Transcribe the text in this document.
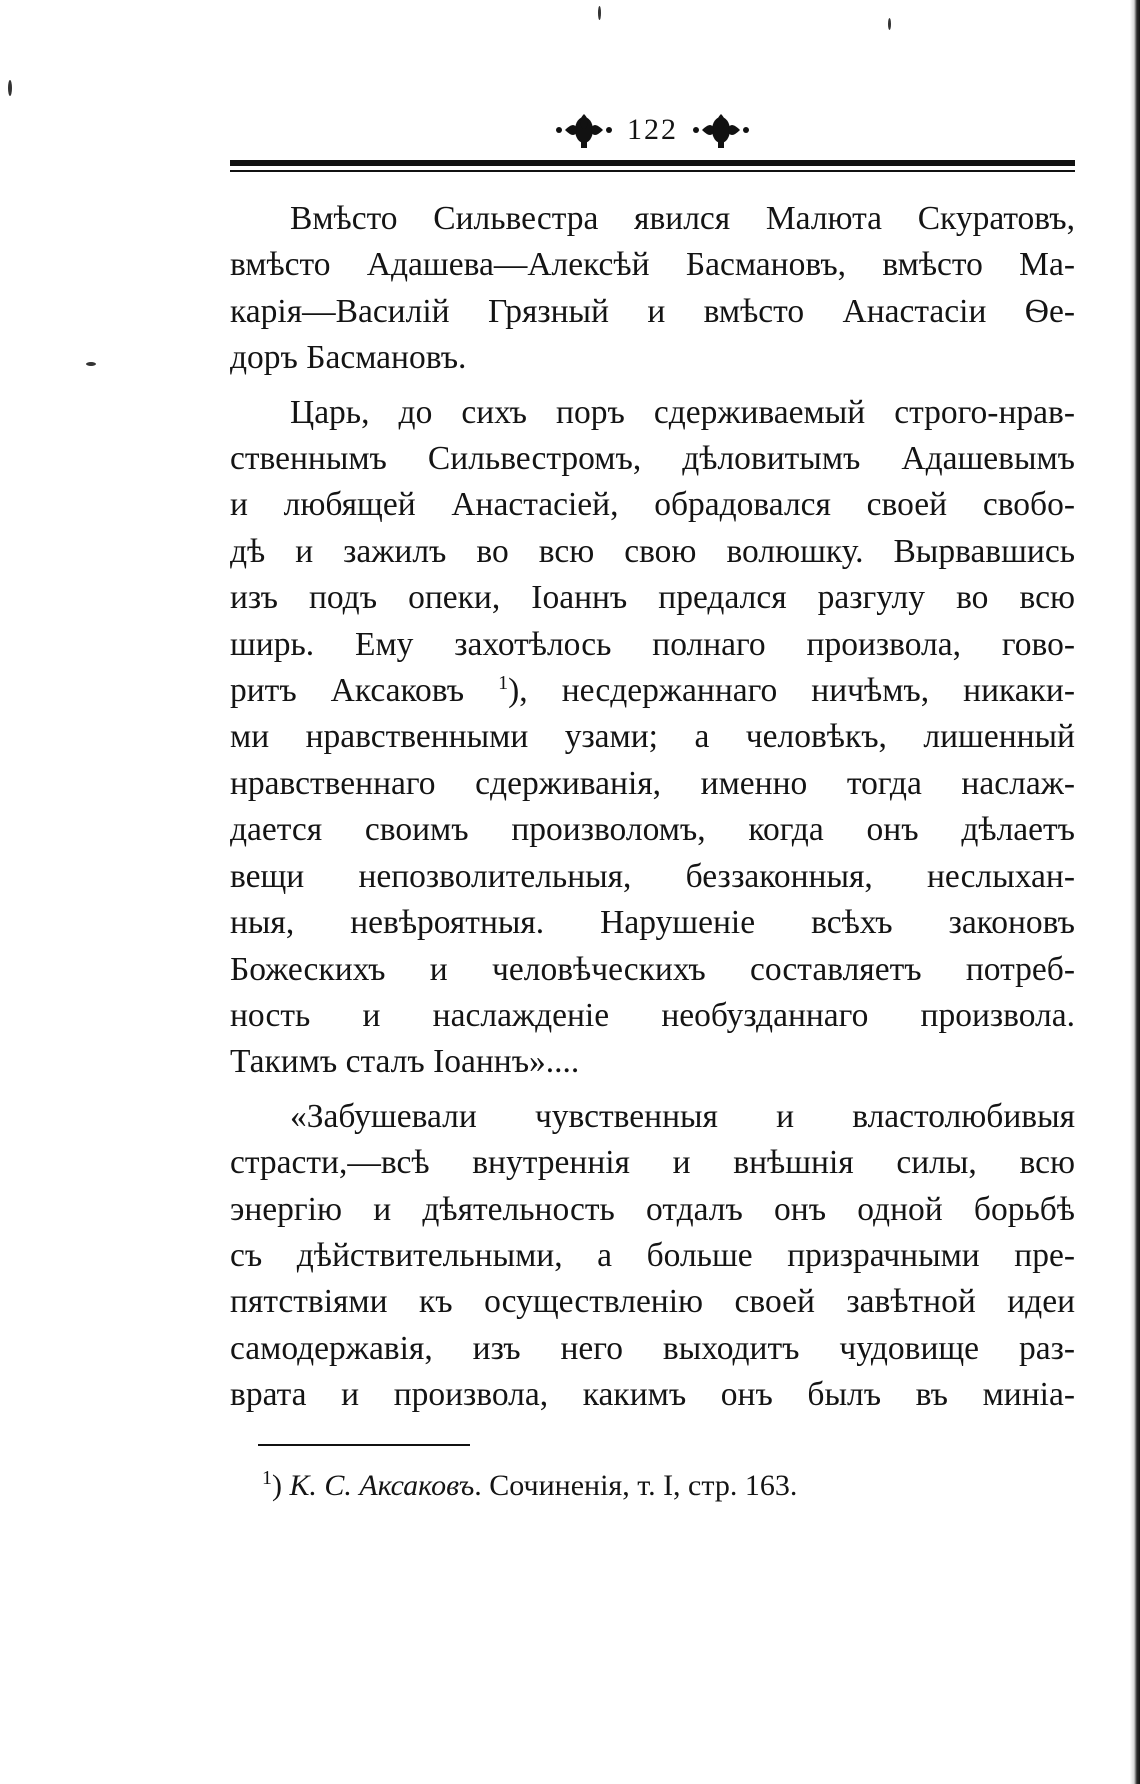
122
Вмѣсто Сильвестра явился Малюта Скуратовъ,
вмѣсто Адашева—Алексѣй Басмановъ, вмѣсто Ма-
карія—Василій Грязный и вмѣсто Анастасіи Ѳе-
доръ Басмановъ.
Царь, до сихъ поръ сдерживаемый строго-нрав-
ственнымъ Сильвестромъ, дѣловитымъ Адашевымъ
и любящей Анастасіей, обрадовался своей свобо-
дѣ и зажилъ во всю свою волюшку. Вырвавшись
изъ подъ опеки, Іоаннъ предался разгулу во всю
ширь. Ему захотѣлось полнаго произвола, гово-
ритъ Аксаковъ $^1$), несдержаннаго ничѣмъ, никаки-
ми нравственными узами; а человѣкъ, лишенный
нравственнаго сдерживанія, именно тогда наслаж-
дается своимъ произволомъ, когда онъ дѣлаетъ
вещи непозволительныя, беззаконныя, неслыхан-
ныя, невѣроятныя. Нарушеніе всѣхъ законовъ
Божескихъ и человѣческихъ составляетъ потреб-
ность и наслажденіе необузданнаго произвола.
Такимъ сталъ Іоаннъ»....
«Забушевали чувственныя и властолюбивыя
страсти,—всѣ внутреннія и внѣшнія силы, всю
энергію и дѣятельность отдалъ онъ одной борьбѣ
съ дѣйствительными, а больше призрачными пре-
пятствіями къ осуществленію своей завѣтной идеи
самодержавія, изъ него выходитъ чудовище раз-
врата и произвола, какимъ онъ былъ въ миніа-
$^1$) К. С. Аксаковъ. Сочиненія, т. I, стр. 163.
